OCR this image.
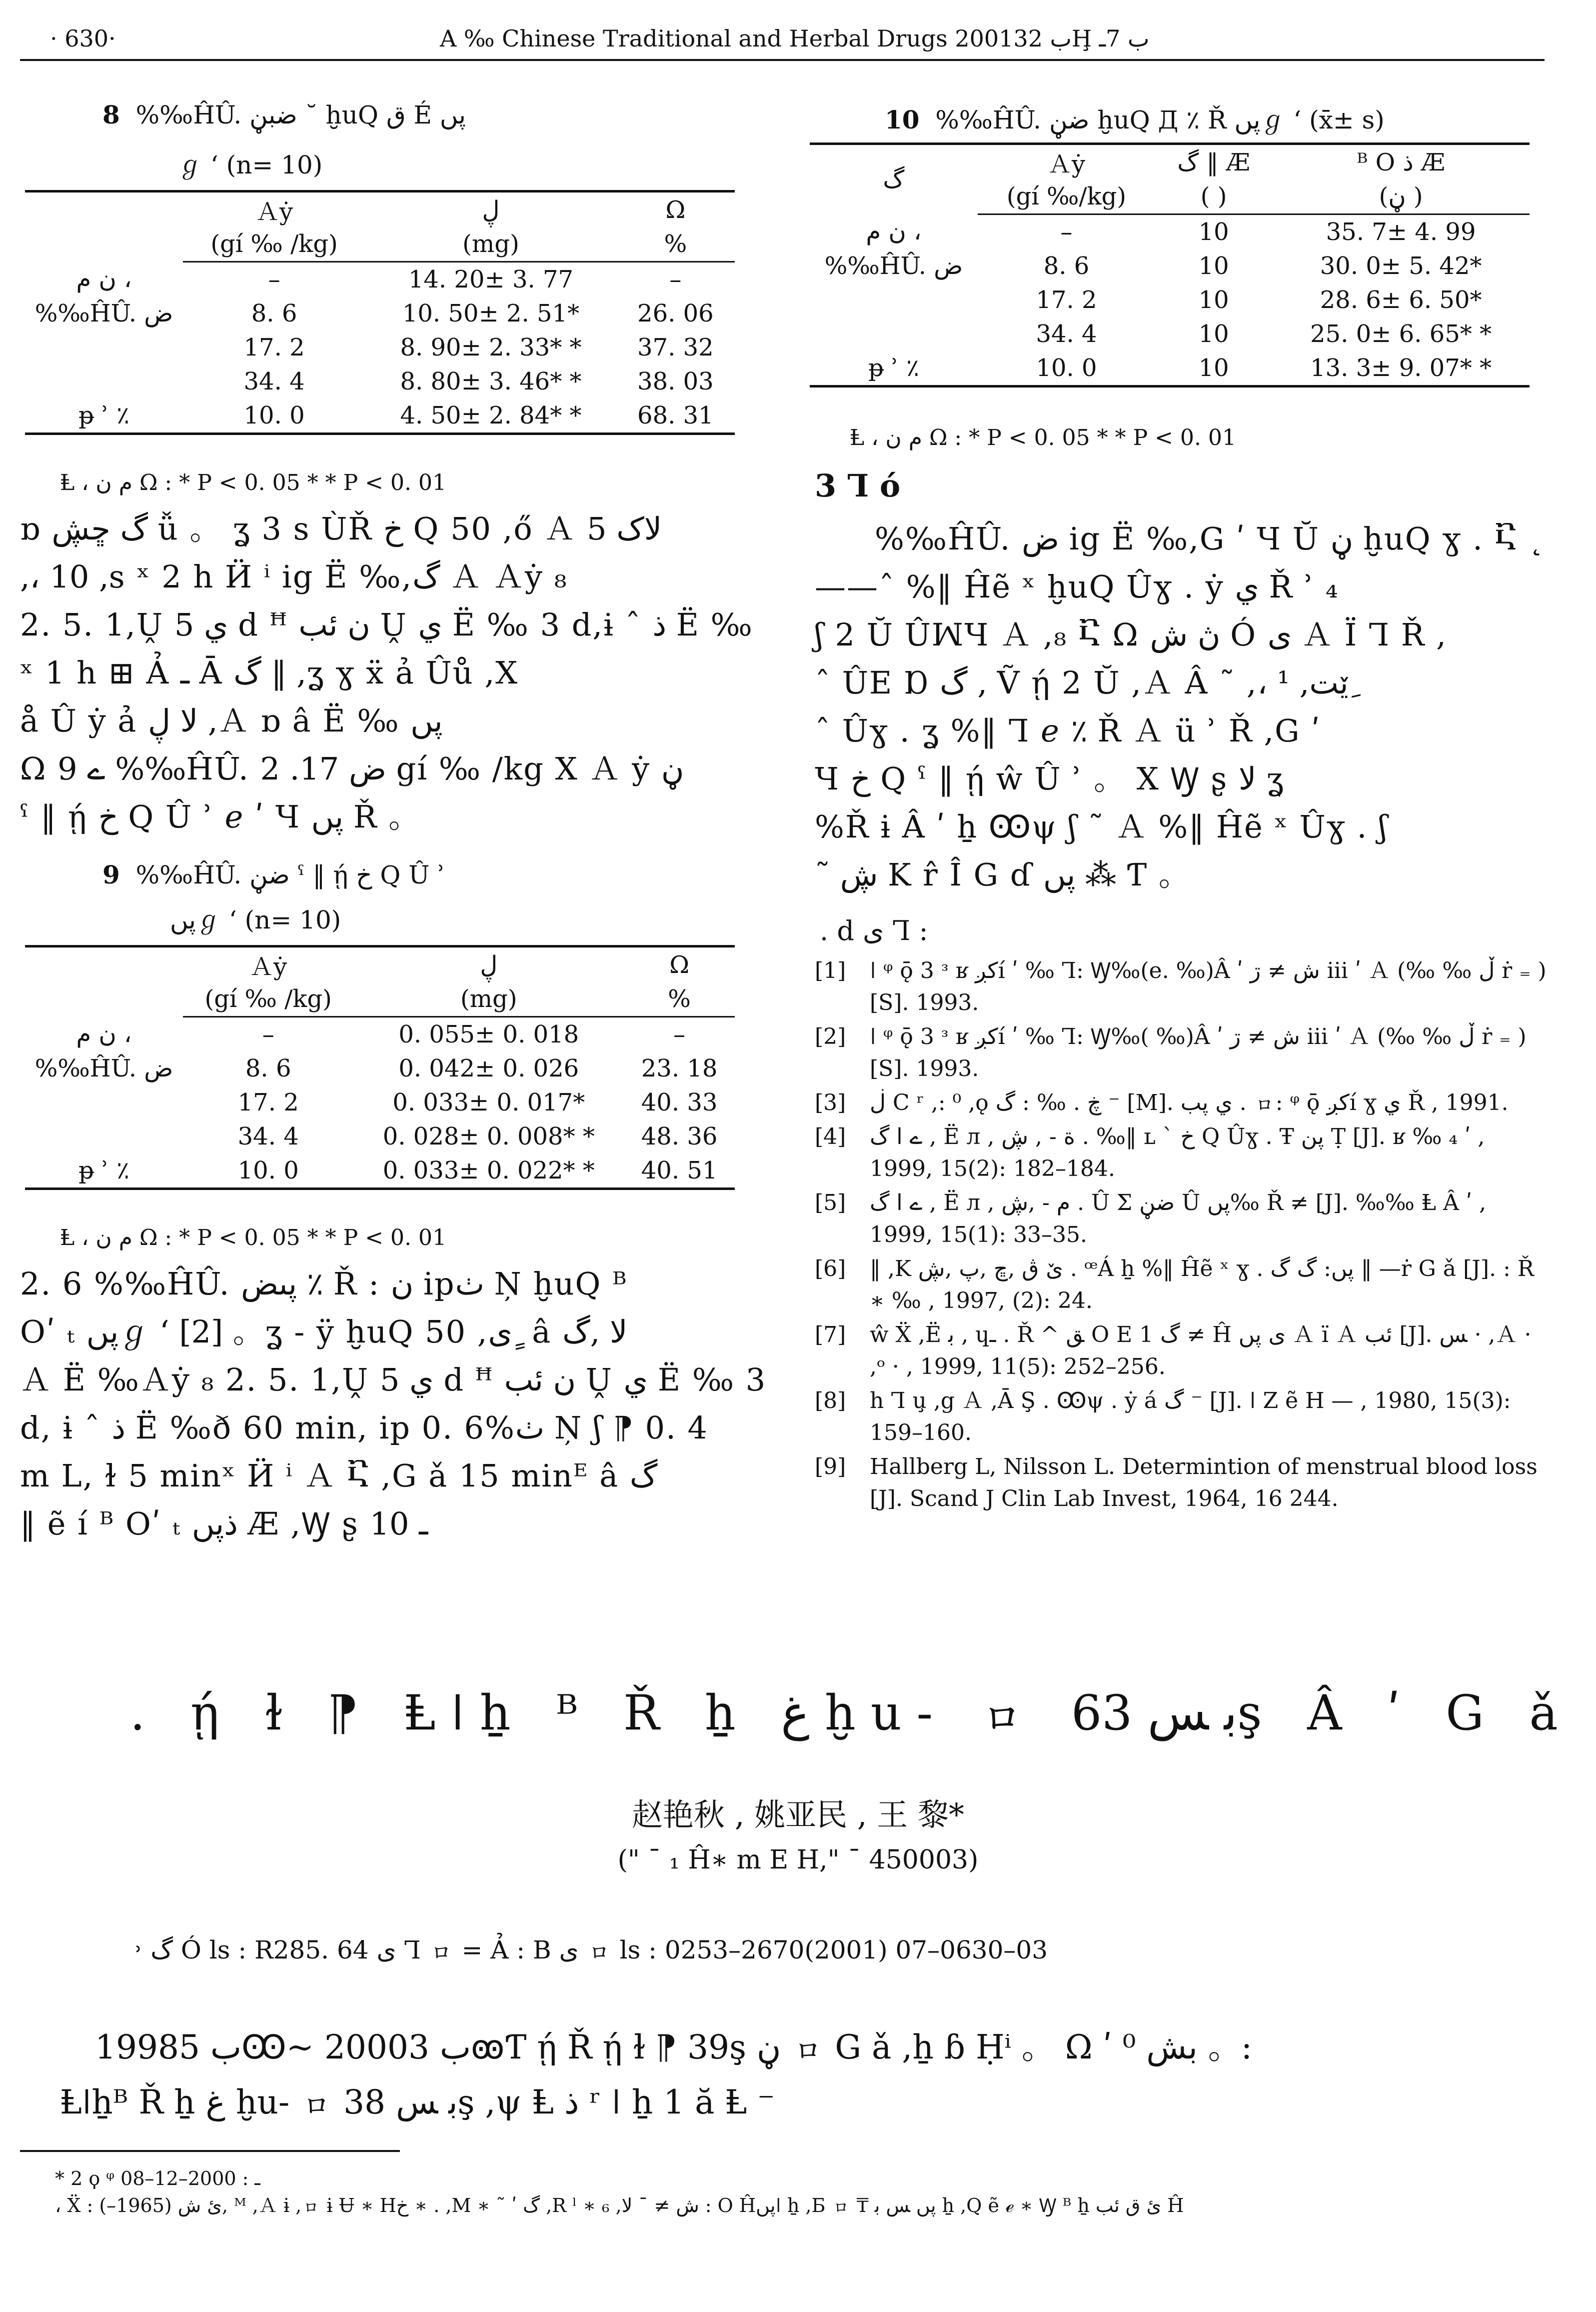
· 630·	A ‰ Chinese Traditional and Herbal Drugs 2001ب 32Ḩ ب 7ـ
8 %‰ĤÛ. ضبڼ ˘ ḫuQ ﻕ É پں
ℊ ʻ (n= 10)
	Ａẏ	ڸ	Ω
	(gí ‰ /kg)	(mg)	%
ن م ،	–	14. 20± 3. 77	–
%‰ĤÛ. ض	8. 6	10. 50± 2. 51*	26. 06
	17. 2	8. 90± 2. 33* *	37. 32
	34. 4	8. 80± 3. 46* *	38. 03
ᵽ ʾ ٪	10. 0	4. 50± 2. 84* *	68. 31
Ⱡ ، م ن Ω : * P < 0. 05 * * P < 0. 01
ɒ گ ڇڜ ǚ 。 ʓ 3 s ÙŘ خ Q 50 ,ő Ａ لاک 5
,، 10 ,s ˣ 2 h Ӥ ⁱ ig Ë ‰,گ Ａ Ａẏ ₈
2. 5. 1,Ṷ ي 5 d ꟸ ن ئب Ṷ ي Ë ‰ 3 d,ɨ ˆ ذ Ë ‰
ˣ 1 h ⊞ Ả ـ Ā گ ‖ ,ʓ ɣ ẍ ả Ûů ,X
å Û ẏ ả لا ڸ ,Ａ ɒ â Ë ‰ پں
Ω ے 9 %‰ĤÛ. ض 17. 2 gí ‰ /kg Χ Ａ ẏ ڼ
ˁ ‖ ῄ خ Q Û ʾ ℯ ʹ Ч پں Ř 。
9 %‰ĤÛ. ضڼ ˁ ‖ ῄ خ Q Û ʾ
پںℊ ʻ (n= 10)
	Ａẏ	ڸ	Ω
	(gí ‰ /kg)	(mg)	%
ن م ،	–	0. 055± 0. 018	–
%‰ĤÛ. ض	8. 6	0. 042± 0. 026	23. 18
	17. 2	0. 033± 0. 017*	40. 33
	34. 4	0. 028± 0. 008* *	48. 36
ᵽ ʾ ٪	10. 0	0. 033± 0. 022* *	40. 51
Ⱡ ، م ن Ω : * P < 0. 05 * * P < 0. 01
2. 6 %‰ĤÛ. پںض ٪ Ř : ن ipٺ Ņ ḫuQ ᴮ
Oʹ ₜ پںℊ ʻ [2] 。ʓ - ÿ ḫuQ 50 ,ی ٍ â لا ,گ
Ａ Ë ‰Ａẏ ₈ 2. 5. 1,Ṷ ي 5 d ꟸ ن ئب Ṷ ي Ë ‰ 3
d, ɨ ˆ ذ Ë ‰ð 60 min, ip 0. 6%ٺ Ņ ʃ ⁋ 0. 4
m L, ɫ 5 minˣ Ӥ ⁱ Ａ Ⴀ ,G ǎ 15 minᴱ â گ
‖ ẽ í ᴮ Oʹ ₜ ذپں Æ ,Ꝡ ʂ ـ 10
10 %‰ĤÛ. ضڼ ḫuQ Д ٪ Ř پںℊ ʻ (x̄± s)
گ	Ａẏ	گ ‖ Æ	ᴮ O ذ Æ
	(gí ‰/kg)	( )	(ڼ )
ن م ،	–	10	35. 7± 4. 99
%‰ĤÛ. ض	8. 6	10	30. 0± 5. 42*
	17. 2	10	28. 6± 6. 50*
	34. 4	10	25. 0± 6. 65* *
ᵽ ʾ ٪	10. 0	10	13. 3± 9. 07* *
Ⱡ ، م ن Ω : * P < 0. 05 * * P < 0. 01
3 Ꞁ ó
%‰ĤÛ. ض ig Ë ‰,G ʹ Ч Ŭ ڼ ḫuQ ɣ . Ⴀ ˛
——ˆ %‖ Ĥẽ ˣ ḫuQ Ûɣ . ẏ ي Ř ʾ ₄
ʃ 2 Ŭ ÛꟽЧ Ａ ,₈ Ⴀ Ω ڽ ش Ó ی Ａ Ï Ꞁ Ř ,
ˆ ÛE Ɒ گ , Ṽ ῄ 2 Ŭ ,Ａ Â ˜ ,، ¹ ,ێت ِ
ˆ Ûɣ . ʓ %‖ Ꞁ ℯ ٪ Ř Ａ ü ʾ Ř ,G ʹ
Ч خ Q ˁ ‖ ῄ ŵ Û ʾ 。 Χ Ꝡ ʂ لا ʓ
%Ř ɨ Â ʹ ẖ Ꙭψ ʃ ˜ Ａ %‖ Ĥẽ ˣ Ûɣ . ʃ
˜ ڜ K r̂ Î G ɗ پں ⁂ Ƭ 。
. d ی Ꞁ :
[1] ǀ ᵠ ǭ 3 ᵌ ʁ کږí ʹ ‰ Ꞁ: Ꝡ‰(e. ‰)Â ʹ ش ≠ ڗ iii ʹ Ａ (‰ ‰ ڵ ṙ ₌ ) [S]. 1993.
[2] ǀ ᵠ ǭ 3 ᵌ ʁ کږí ʹ ‰ Ꞁ: Ꝡ‰( ‰)Â ʹ ش ≠ ڗ iii ʹ Ａ (‰ ‰ ڵ ṙ ₌ ) [S]. 1993.
[3] ڶ C ʳ ,: ⁰ ,ǫ ڿ . ‰ : گ ⁻ [M]. ي پب . ㇿ: ᵠ ǭ کږí ɣ ي Ř , 1991.
[4] ے ا گ , Ë л , ة - , ڜ . ‰‖ ʟ ` خ Q Ûɣ . Ŧ پن Ṭ [J]. ʁ ‰ ₄ ʹ , 1999, 15(2): 182–184.
[5] ے ا گ , Ë л , م - ,ڜ . Û Σ ضڼ Û پں‰ Ř ≠ [J]. ‰‰ Ⱡ Â ʹ , 1999, 15(1): 33–35.
[6] ‖ ,K ێ ڨ ,ڇ ,پ ,ڜ . ꟹÁ ẖ %‖ Ĥẽ ˣ ɣ . پں: گ گ ‖ —ṙ G ǎ [J]. : Ř ∗ ‰ , 1997, (2): 24.
[7] ŵ Ẍ ,Ë ﺑ , ɥـ . Ř ^ ﻖ O E 1 گ ≠ Ĥ ی پں Ａ ï Ａ ئب [J]. ﺲ · ,Ａ · ,ᵒ · , 1999, 11(5): 252–256.
[8] h Ꞁ u̧ ,g Ａ ,Ā Ş . Ꙭψ . ẏ á گ ⁻ [J]. ǀ Z ẽ H — , 1980, 15(3): 159–160.
[9] Hallberg L, Nilsson L. Determintion of menstrual blood loss [J]. Scand J Clin Lab Invest, 1964, 16 244.
. ῄ ɫ ⁋ Ⱡǀẖ ᴮ Ř ẖ غ ḫu- ㇿ ﺑ ﺲ 63ş Â ʹ G ǎ
赵艳秋 , 姚亚民 , 王 黎*
(" ¯ ₁ Ĥ∗ m E H," ¯ 450003)
˒ گ Ó ls : R285. 64 ی Ꞁ ㇿ = Ả : B ی ㇿ ls : 0253–2670(2001) 07–0630–03
1998ب 5Ꙭ~ 2000ب 3ꙭƬ ῄ Ř ῄ ɫ ⁋ 39ş ڼ ㇿ G ǎ ,ẖ ɓ Ḥⁱ 。 Ω ʹ بش ⁰ 。:
Ⱡǀẖᴮ Ř ẖ غ ḫu- ㇿ ﺑ ﺲ 38ş ,ψ Ⱡ ذ ʳ ǀ ẖ 1 ă Ⱡ ⁻
* 2 ϙ ᵠ ـ : 2000–12–08
، Ẍ : ئ ش (1965–), ᴹ ,Ａ ɨ ,ㇿ ɨ Ʉ ∗ Hخ ∗ . ,M ∗ ˜ ʹ گ ,R ˡ ∗ ₆ ,ش ≠ ˉ لا : O Ĥپںǀ ẖ ,Б ㇿ ₸ پں ﺲ ﺑ ẖ ,Q ẽ ℯ ∗ Ꝡ ᴮ ẖ ئ ﻕ ئب Ĥ
